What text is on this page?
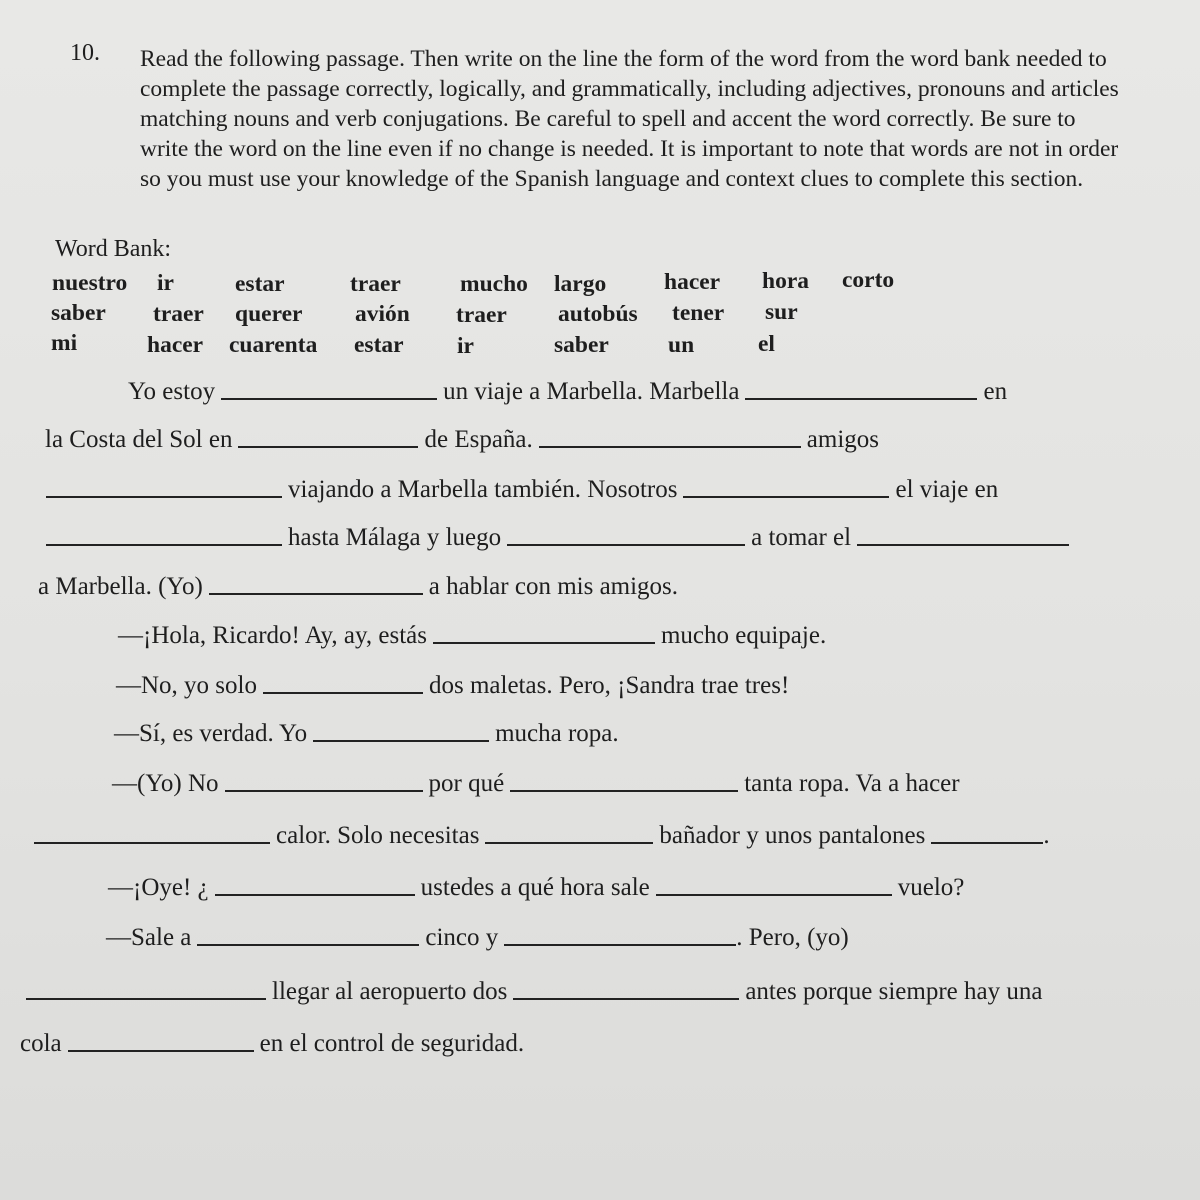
10. Read the following passage. Then write on the line the form of the word from the word bank needed to complete the passage correctly, logically, and grammatically, including adjectives, pronouns and articles matching nouns and verb conjugations. Be careful to spell and accent the word correctly. Be sure to write the word on the line even if no change is needed. It is important to note that words are not in order so you must use your knowledge of the Spanish language and context clues to complete this section.
Word Bank:
nuestro ir	estar	traer	mucho largo hacer hora corto
saber traer querer avión traer autobús tener sur
mi	hacer cuarenta estar ir	saber	un	el
Yo estoy	un viaje a Marbella. Marbella	en
la Costa del Sol en	de España.	amigos
viajando a Marbella también. Nosotros	el viaje en
hasta Málaga y luego	a tomar el
a Marbella. (Yo)	a hablar con mis amigos.
—¡Hola, Ricardo! Ay, ay, estás	mucho equipaje.
—No, yo solo	dos maletas. Pero, ¡Sandra trae tres!
—Sí, es verdad. Yo	mucha ropa.
—(Yo) No	por qué	tanta ropa. Va a hacer
calor. Solo necesitas	bañador y unos pantalones	.
—¡Oye! ¿	ustedes a qué hora sale	vuelo?
—Sale a	cinco y	. Pero, (yo)
llegar al aeropuerto dos	antes porque siempre hay una
cola	en el control de seguridad.
